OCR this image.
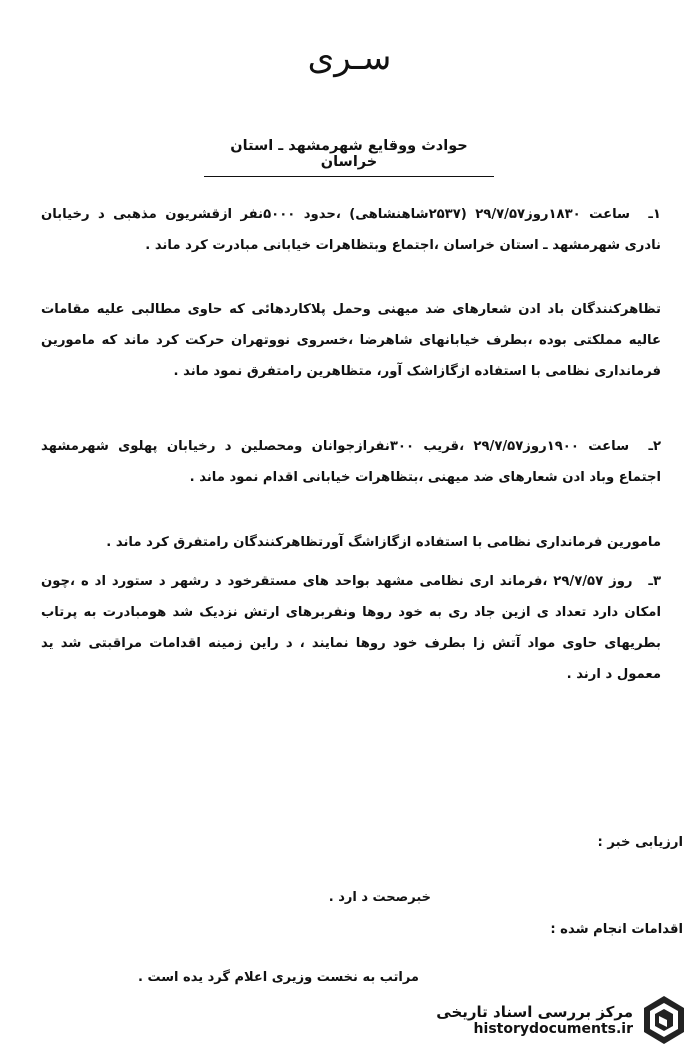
سـری
حوادث ووقایع شهرمشهد ـ استان خراسان
۱ـ ساعت ۱۸۳۰روز۲۹/۷/۵۷ (۲۵۳۷شاهنشاهی) ،حدود ۵۰۰۰نفر ازقشریون مذهبی د رخیابان نادری شهرمشهد ـ استان خراسان ،اجتماع وبتظاهرات خیابانی مبادرت کرد ماند .
تظاهرکنندگان باد ادن شعارهای ضد میهنی وحمل پلاکاردهائی که حاوی مطالبی علیه مقامات عالیه مملکتی بوده ،بطرف خیابانهای شاهرضا ،خسروی نووتهران حرکت کرد ماند که مامورین فرمانداری نظامی با استفاده ازگازاشک آور، متظاهرین رامتفرق نمود ماند .
۲ـ ساعت ۱۹۰۰روز۲۹/۷/۵۷ ،قریب ۳۰۰نفرازجوانان ومحصلین د رخیابان پهلوی شهرمشهد اجتماع وباد ادن شعارهای ضد میهنی ،بتظاهرات خیابانی اقدام نمود ماند .
مامورین فرمانداری نظامی با استفاده ازگازاشگ آورتظاهرکنندگان رامتفرق کرد ماند .
۳ـ روز ۲۹/۷/۵۷ ،فرماند اری نظامی مشهد بواحد های مستقرخود د رشهر د ستورد اد ه ،چون امکان دارد تعداد ی ازین جاد ری به خود روها ونفربرهای ارتش نزدیک شد هومبادرت به پرتاب بطریهای حاوی مواد آتش زا بطرف خود روها نمایند ، د راین زمینه اقدامات مراقبتی شد ید معمول د ارند .
ارزیابی خبر :
خبرصحت د ارد .
اقدامات انجام شده :
مراتب به نخست وزیری اعلام گرد یده است .
مرکز بررسی اسناد تاریخی
historydocuments.ir
